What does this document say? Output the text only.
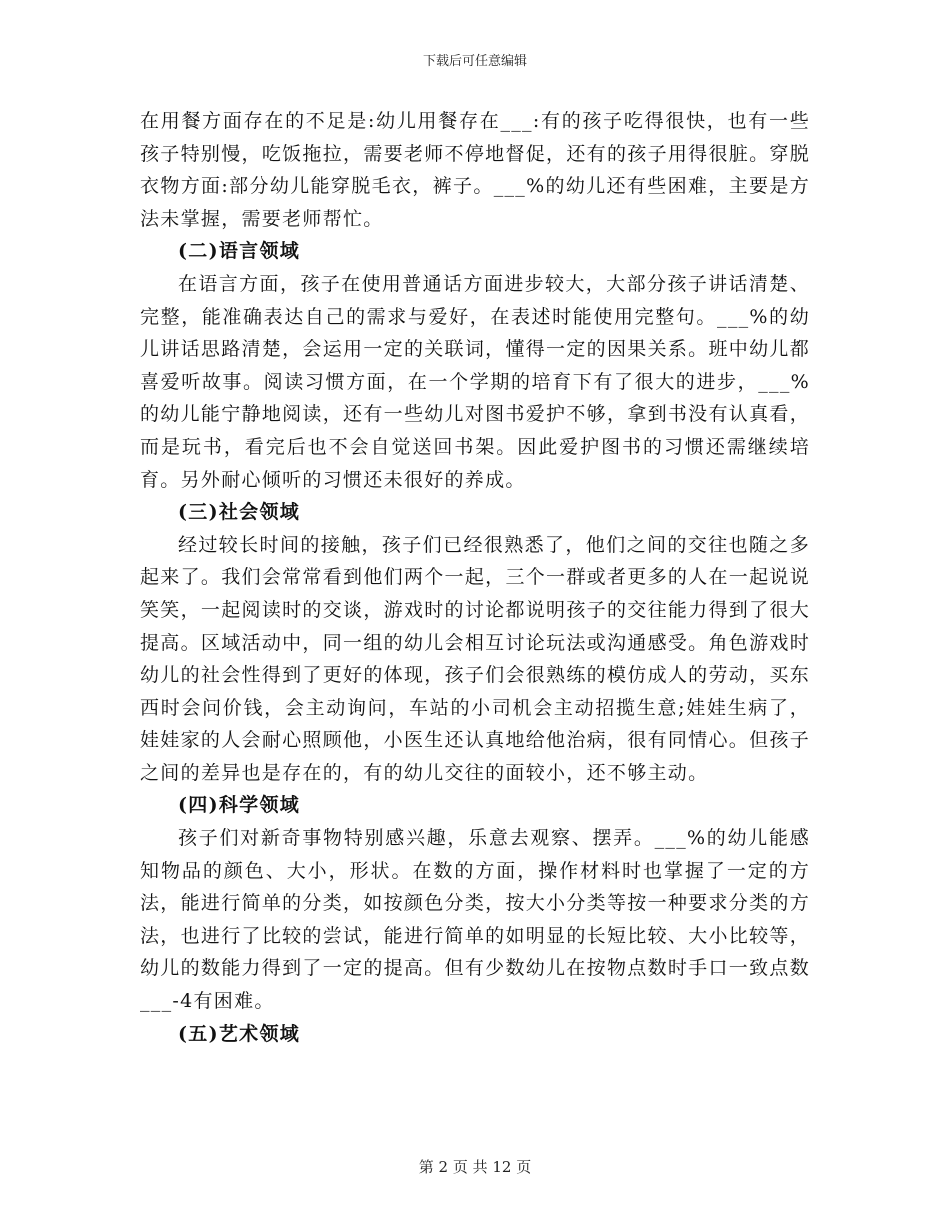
下载后可任意编辑

在用餐方面存在的不足是:幼儿用餐存在___:有的孩子吃得很快，也有一些孩子特别慢，吃饭拖拉，需要老师不停地督促，还有的孩子用得很脏。穿脱衣物方面:部分幼儿能穿脱毛衣，裤子。___%的幼儿还有些困难，主要是方法未掌握，需要老师帮忙。

(二)语言领域

在语言方面，孩子在使用普通话方面进步较大，大部分孩子讲话清楚、完整，能准确表达自己的需求与爱好，在表述时能使用完整句。___%的幼儿讲话思路清楚，会运用一定的关联词，懂得一定的因果关系。班中幼儿都喜爱听故事。阅读习惯方面，在一个学期的培育下有了很大的进步，___%的幼儿能宁静地阅读，还有一些幼儿对图书爱护不够，拿到书没有认真看，而是玩书，看完后也不会自觉送回书架。因此爱护图书的习惯还需继续培育。另外耐心倾听的习惯还未很好的养成。

(三)社会领域

经过较长时间的接触，孩子们已经很熟悉了，他们之间的交往也随之多起来了。我们会常常看到他们两个一起，三个一群或者更多的人在一起说说笑笑，一起阅读时的交谈，游戏时的讨论都说明孩子的交往能力得到了很大提高。区域活动中，同一组的幼儿会相互讨论玩法或沟通感受。角色游戏时幼儿的社会性得到了更好的体现，孩子们会很熟练的模仿成人的劳动，买东西时会问价钱，会主动询问，车站的小司机会主动招揽生意;娃娃生病了，娃娃家的人会耐心照顾他，小医生还认真地给他治病，很有同情心。但孩子之间的差异也是存在的，有的幼儿交往的面较小，还不够主动。

(四)科学领域

孩子们对新奇事物特别感兴趣，乐意去观察、摆弄。___%的幼儿能感知物品的颜色、大小，形状。在数的方面，操作材料时也掌握了一定的方法，能进行简单的分类，如按颜色分类，按大小分类等按一种要求分类的方法，也进行了比较的尝试，能进行简单的如明显的长短比较、大小比较等，幼儿的数能力得到了一定的提高。但有少数幼儿在按物点数时手口一致点数___-4有困难。

(五)艺术领域

第 2 页 共 12 页
